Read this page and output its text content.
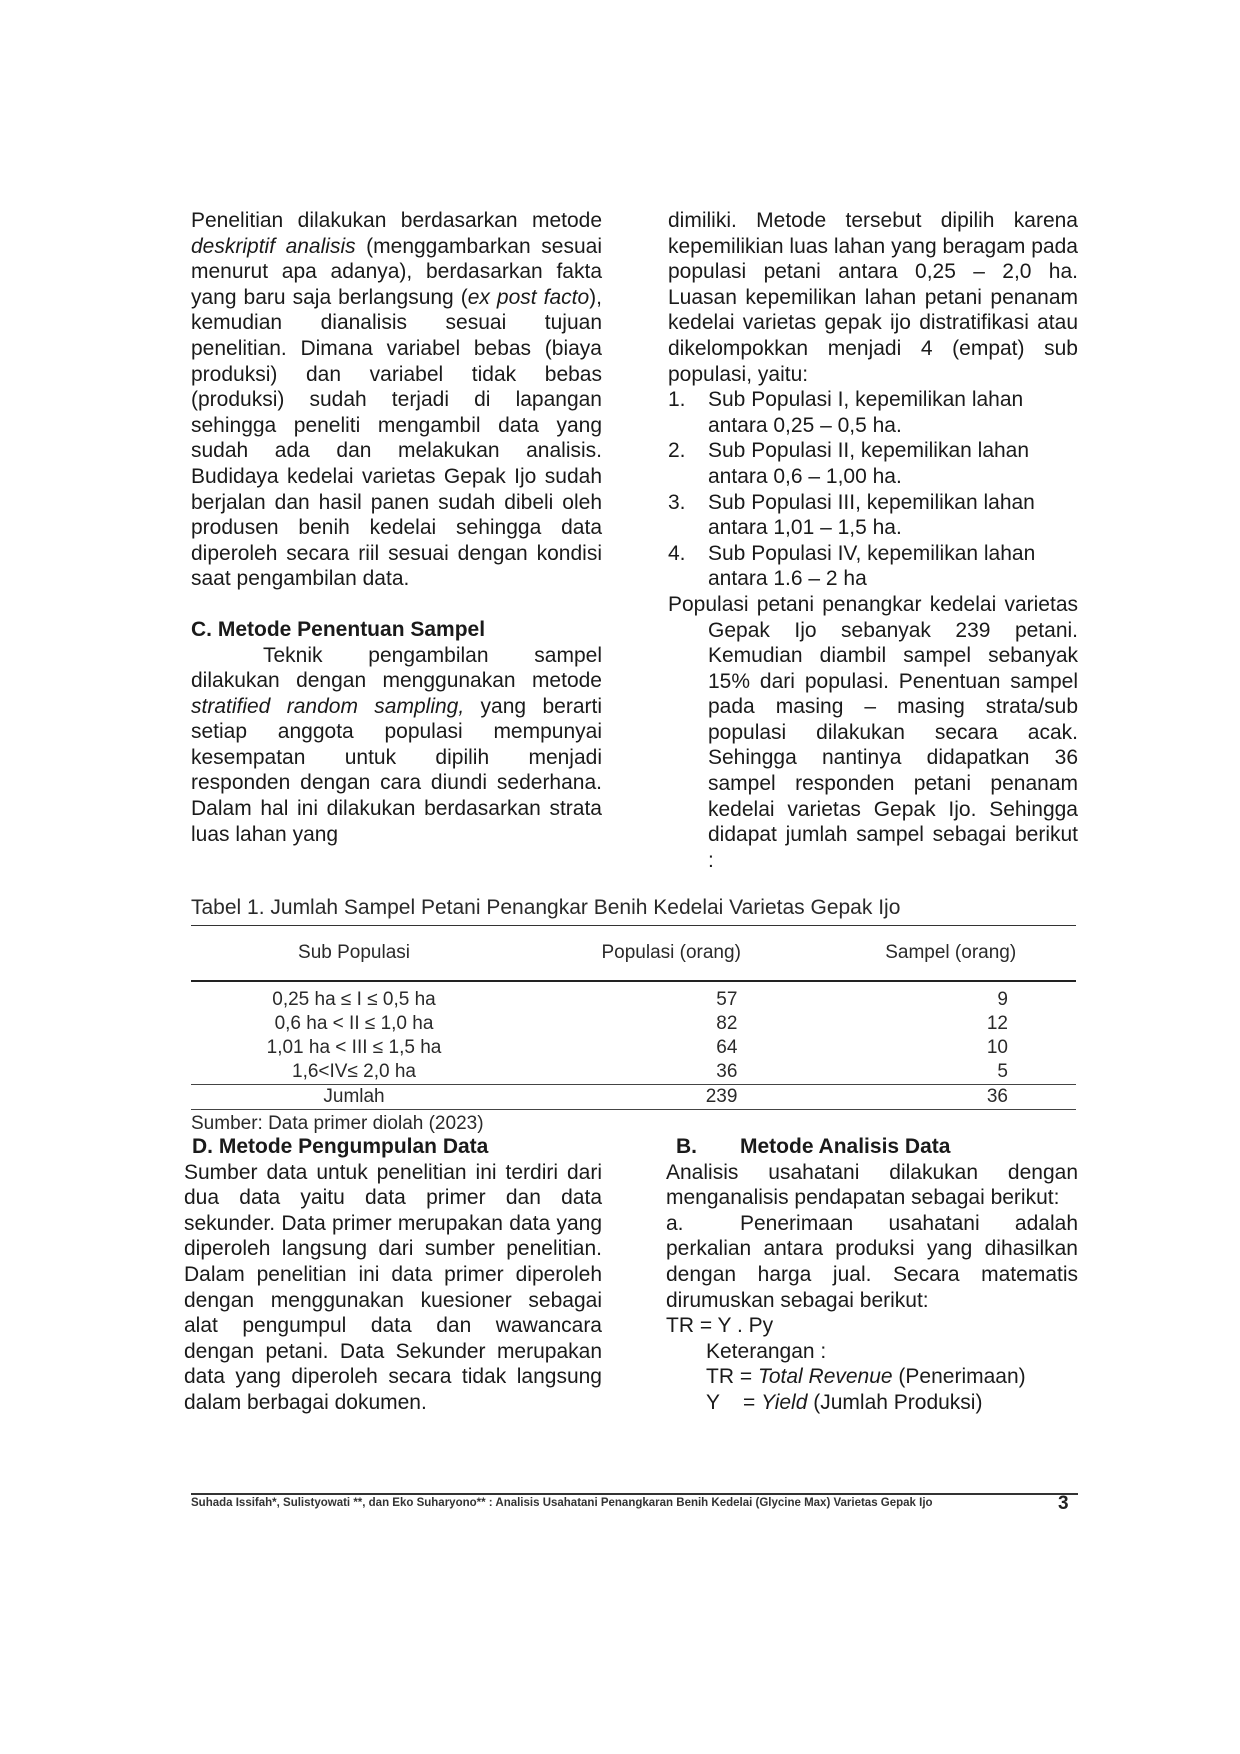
Penelitian dilakukan berdasarkan metode deskriptif analisis (menggambarkan sesuai menurut apa adanya), berdasarkan fakta yang baru saja berlangsung (ex post facto), kemudian dianalisis sesuai tujuan penelitian. Dimana variabel bebas (biaya produksi) dan variabel tidak bebas (produksi) sudah terjadi di lapangan sehingga peneliti mengambil data yang sudah ada dan melakukan analisis. Budidaya kedelai varietas Gepak Ijo sudah berjalan dan hasil panen sudah dibeli oleh produsen benih kedelai sehingga data diperoleh secara riil sesuai dengan kondisi saat pengambilan data.

C. Metode Penentuan Sampel

Teknik pengambilan sampel dilakukan dengan menggunakan metode stratified random sampling, yang berarti setiap anggota populasi mempunyai kesempatan untuk dipilih menjadi responden dengan cara diundi sederhana. Dalam hal ini dilakukan berdasarkan strata luas lahan yang

dimiliki. Metode tersebut dipilih karena kepemilikian luas lahan yang beragam pada populasi petani antara 0,25 – 2,0 ha. Luasan kepemilikan lahan petani penanam kedelai varietas gepak ijo distratifikasi atau dikelompokkan menjadi 4 (empat) sub populasi, yaitu:

1. Sub Populasi I, kepemilikan lahan
antara 0,25 – 0,5 ha.

2. Sub Populasi II, kepemilikan lahan
antara 0,6 – 1,00 ha.

3. Sub Populasi III, kepemilikan lahan
antara 1,01 – 1,5 ha.

4. Sub Populasi IV, kepemilikan lahan
antara 1.6 – 2 ha

Populasi petani penangkar kedelai varietas Gepak Ijo sebanyak 239 petani. Kemudian diambil sampel sebanyak 15% dari populasi. Penentuan sampel pada masing – masing strata/sub populasi dilakukan secara acak. Sehingga nantinya didapatkan 36 sampel responden petani penanam kedelai varietas Gepak Ijo. Sehingga didapat jumlah sampel sebagai berikut :

Tabel 1. Jumlah Sampel Petani Penangkar Benih Kedelai Varietas Gepak Ijo

Sub Populasi	Populasi (orang)	Sampel (orang)

0,25 ha ≤ I ≤ 0,5 ha	57	9
0,6 ha < II ≤ 1,0 ha	82	12
1,01 ha < III ≤ 1,5 ha	64	10
1,6<IV≤ 2,0 ha	36	5
Jumlah	239	36

Sumber: Data primer diolah (2023)

D. Metode Pengumpulan Data

Sumber data untuk penelitian ini terdiri dari dua data yaitu data primer dan data sekunder. Data primer merupakan data yang diperoleh langsung dari sumber penelitian. Dalam penelitian ini data primer diperoleh dengan menggunakan kuesioner sebagai alat pengumpul data dan wawancara dengan petani. Data Sekunder merupakan data yang diperoleh secara tidak langsung dalam berbagai dokumen.

B. Metode Analisis Data

Analisis usahatani dilakukan dengan menganalisis pendapatan sebagai berikut:

a.	Penerimaan usahatani adalah perkalian antara produksi yang dihasilkan dengan harga jual. Secara matematis dirumuskan sebagai berikut:

TR = Y . Py

Keterangan :

TR = Total Revenue (Penerimaan)

Y    = Yield (Jumlah Produksi)

Suhada Issifah*, Sulistyowati **, dan Eko Suharyono** : Analisis Usahatani Penangkaran Benih Kedelai (Glycine Max) Varietas Gepak Ijo	3
